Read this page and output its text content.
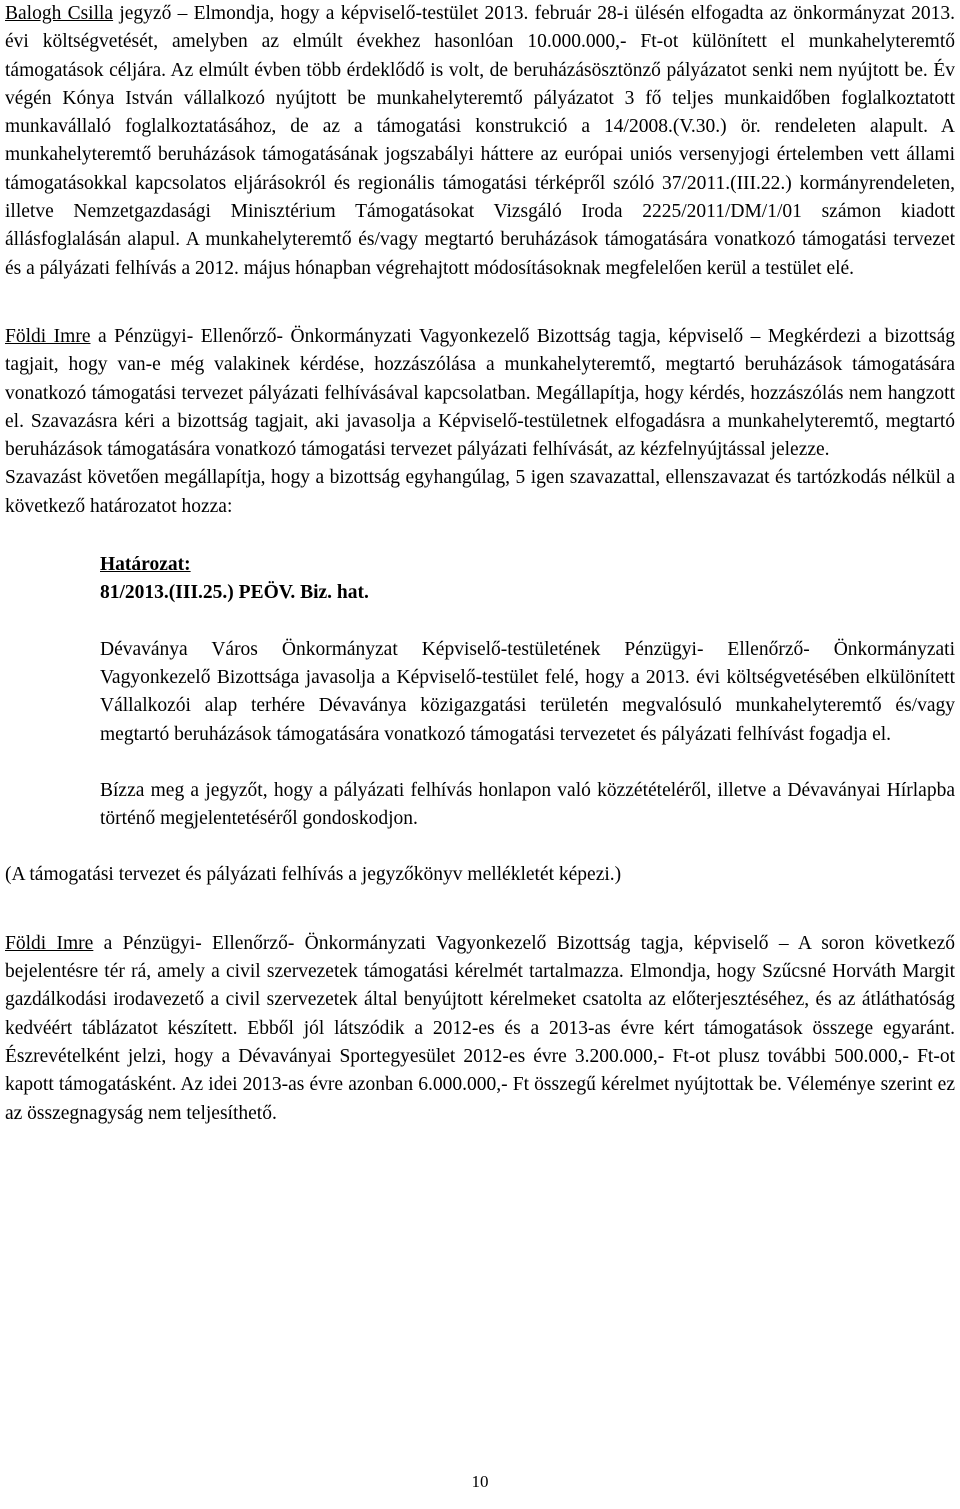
Balogh Csilla jegyző – Elmondja, hogy a képviselő-testület 2013. február 28-i ülésén elfogadta az önkormányzat 2013. évi költségvetését, amelyben az elmúlt évekhez hasonlóan 10.000.000,- Ft-ot különített el munkahelyteremtő támogatások céljára. Az elmúlt évben több érdeklődő is volt, de beruházásösztönző pályázatot senki nem nyújtott be. Év végén Kónya István vállalkozó nyújtott be munkahelyteremtő pályázatot 3 fő teljes munkaidőben foglalkoztatott munkavállaló foglalkoztatásához, de az a támogatási konstrukció a 14/2008.(V.30.) ör. rendeleten alapult. A munkahelyteremtő beruházások támogatásának jogszabályi háttere az európai uniós versenyjogi értelemben vett állami támogatásokkal kapcsolatos eljárásokról és regionális támogatási térképről szóló 37/2011.(III.22.) kormányrendeleten, illetve Nemzetgazdasági Minisztérium Támogatásokat Vizsgáló Iroda 2225/2011/DM/1/01 számon kiadott állásfoglalásán alapul. A munkahelyteremtő és/vagy megtartó beruházások támogatására vonatkozó támogatási tervezet és a pályázati felhívás a 2012. május hónapban végrehajtott módosításoknak megfelelően kerül a testület elé.

Földi Imre a Pénzügyi- Ellenőrző- Önkormányzati Vagyonkezelő Bizottság tagja, képviselő – Megkérdezi a bizottság tagjait, hogy van-e még valakinek kérdése, hozzászólása a munkahelyteremtő, megtartó beruházások támogatására vonatkozó támogatási tervezet pályázati felhívásával kapcsolatban. Megállapítja, hogy kérdés, hozzászólás nem hangzott el. Szavazásra kéri a bizottság tagjait, aki javasolja a Képviselő-testületnek elfogadásra a munkahelyteremtő, megtartó beruházások támogatására vonatkozó támogatási tervezet pályázati felhívását, az kézfelnyújtással jelezze.

Szavazást követően megállapítja, hogy a bizottság egyhangúlag, 5 igen szavazattal, ellenszavazat és tartózkodás nélkül a következő határozatot hozza:

Határozat:

81/2013.(III.25.) PEÖV. Biz. hat.

Dévaványa Város Önkormányzat Képviselő-testületének Pénzügyi- Ellenőrző- Önkormányzati Vagyonkezelő Bizottsága javasolja a Képviselő-testület felé, hogy a 2013. évi költségvetésében elkülönített Vállalkozói alap terhére Dévaványa közigazgatási területén megvalósuló munkahelyteremtő és/vagy megtartó beruházások támogatására vonatkozó támogatási tervezetet és pályázati felhívást fogadja el.

Bízza meg a jegyzőt, hogy a pályázati felhívás honlapon való közzétételéről, illetve a Dévaványai Hírlapba történő megjelentetéséről gondoskodjon.

(A támogatási tervezet és pályázati felhívás a jegyzőkönyv mellékletét képezi.)

Földi Imre a Pénzügyi- Ellenőrző- Önkormányzati Vagyonkezelő Bizottság tagja, képviselő – A soron következő bejelentésre tér rá, amely a civil szervezetek támogatási kérelmét tartalmazza. Elmondja, hogy Szűcsné Horváth Margit gazdálkodási irodavezető a civil szervezetek által benyújtott kérelmeket csatolta az előterjesztéséhez, és az átláthatóság kedvéért táblázatot készített. Ebből jól látszódik a 2012-es és a 2013-as évre kért támogatások összege egyaránt. Észrevételként jelzi, hogy a Dévaványai Sportegyesület 2012-es évre 3.200.000,- Ft-ot plusz további 500.000,- Ft-ot kapott támogatásként. Az idei 2013-as évre azonban 6.000.000,- Ft összegű kérelmet nyújtottak be. Véleménye szerint ez az összegnagyság nem teljesíthető.

10
